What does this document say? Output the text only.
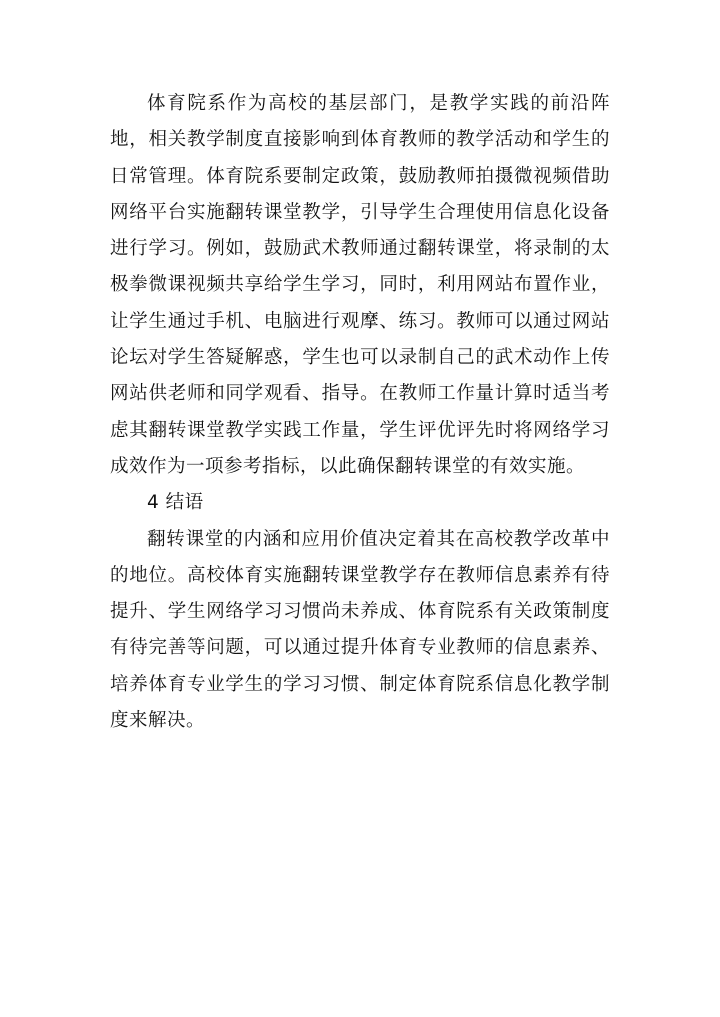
体育院系作为高校的基层部门，是教学实践的前沿阵地，相关教学制度直接影响到体育教师的教学活动和学生的日常管理。体育院系要制定政策，鼓励教师拍摄微视频借助网络平台实施翻转课堂教学，引导学生合理使用信息化设备进行学习。例如，鼓励武术教师通过翻转课堂，将录制的太极拳微课视频共享给学生学习，同时，利用网站布置作业，让学生通过手机、电脑进行观摩、练习。教师可以通过网站论坛对学生答疑解惑，学生也可以录制自己的武术动作上传网站供老师和同学观看、指导。在教师工作量计算时适当考虑其翻转课堂教学实践工作量，学生评优评先时将网络学习成效作为一项参考指标，以此确保翻转课堂的有效实施。

4 结语

翻转课堂的内涵和应用价值决定着其在高校教学改革中的地位。高校体育实施翻转课堂教学存在教师信息素养有待提升、学生网络学习习惯尚未养成、体育院系有关政策制度有待完善等问题，可以通过提升体育专业教师的信息素养、培养体育专业学生的学习习惯、制定体育院系信息化教学制度来解决。
